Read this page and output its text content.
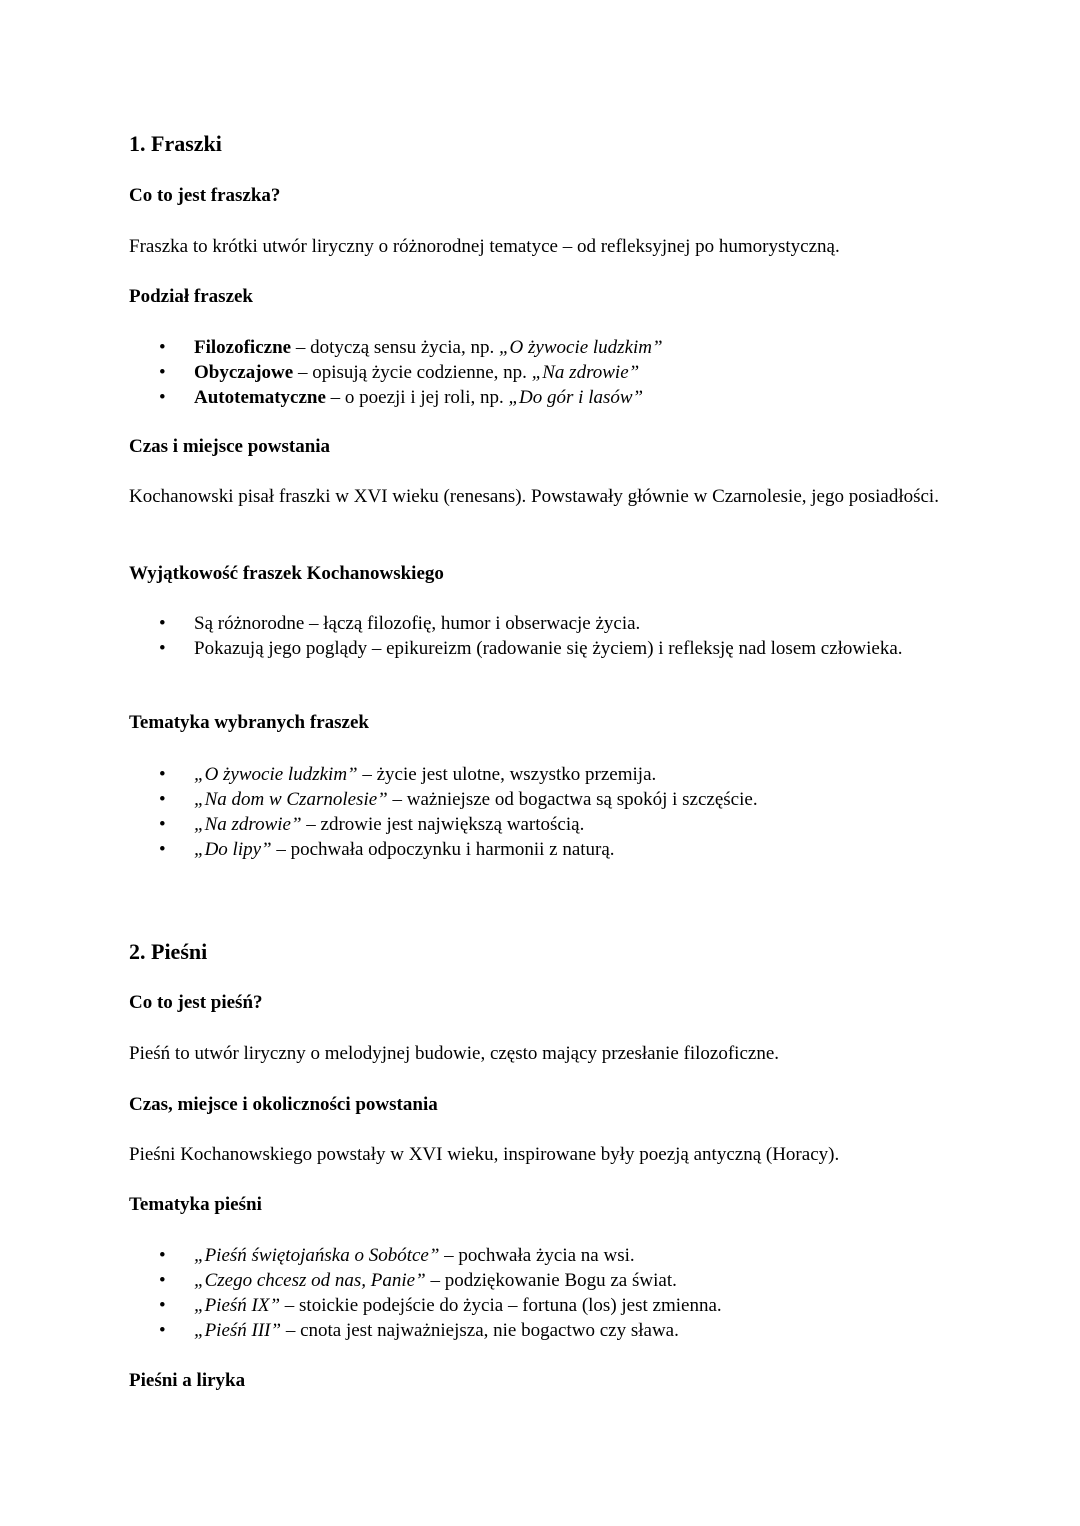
1. Fraszki
Co to jest fraszka?

Fraszka to krótki utwór liryczny o różnorodnej tematyce – od refleksyjnej po humorystyczną.

Podział fraszek
• Filozoficzne – dotyczą sensu życia, np. „O żywocie ludzkim”
• Obyczajowe – opisują życie codzienne, np. „Na zdrowie”
• Autotematyczne – o poezji i jej roli, np. „Do gór i lasów”
Czas i miejsce powstania

Kochanowski pisał fraszki w XVI wieku (renesans). Powstawały głównie w Czarnolesie, jego posiadłości.

Wyjątkowość fraszek Kochanowskiego
• Są różnorodne – łączą filozofię, humor i obserwacje życia.
• Pokazują jego poglądy – epikureizm (radowanie się życiem) i refleksję nad losem człowieka.
Tematyka wybranych fraszek
• „O żywocie ludzkim” – życie jest ulotne, wszystko przemija.
• „Na dom w Czarnolesie” – ważniejsze od bogactwa są spokój i szczęście.
• „Na zdrowie” – zdrowie jest największą wartością.
• „Do lipy” – pochwała odpoczynku i harmonii z naturą.
2. Pieśni
Co to jest pieśń?

Pieśń to utwór liryczny o melodyjnej budowie, często mający przesłanie filozoficzne.

Czas, miejsce i okoliczności powstania

Pieśni Kochanowskiego powstały w XVI wieku, inspirowane były poezją antyczną (Horacy).

Tematyka pieśni
• „Pieśń świętojańska o Sobótce” – pochwała życia na wsi.
• „Czego chcesz od nas, Panie” – podziękowanie Bogu za świat.
• „Pieśń IX” – stoickie podejście do życia – fortuna (los) jest zmienna.
• „Pieśń III” – cnota jest najważniejsza, nie bogactwo czy sława.
Pieśni a liryka
